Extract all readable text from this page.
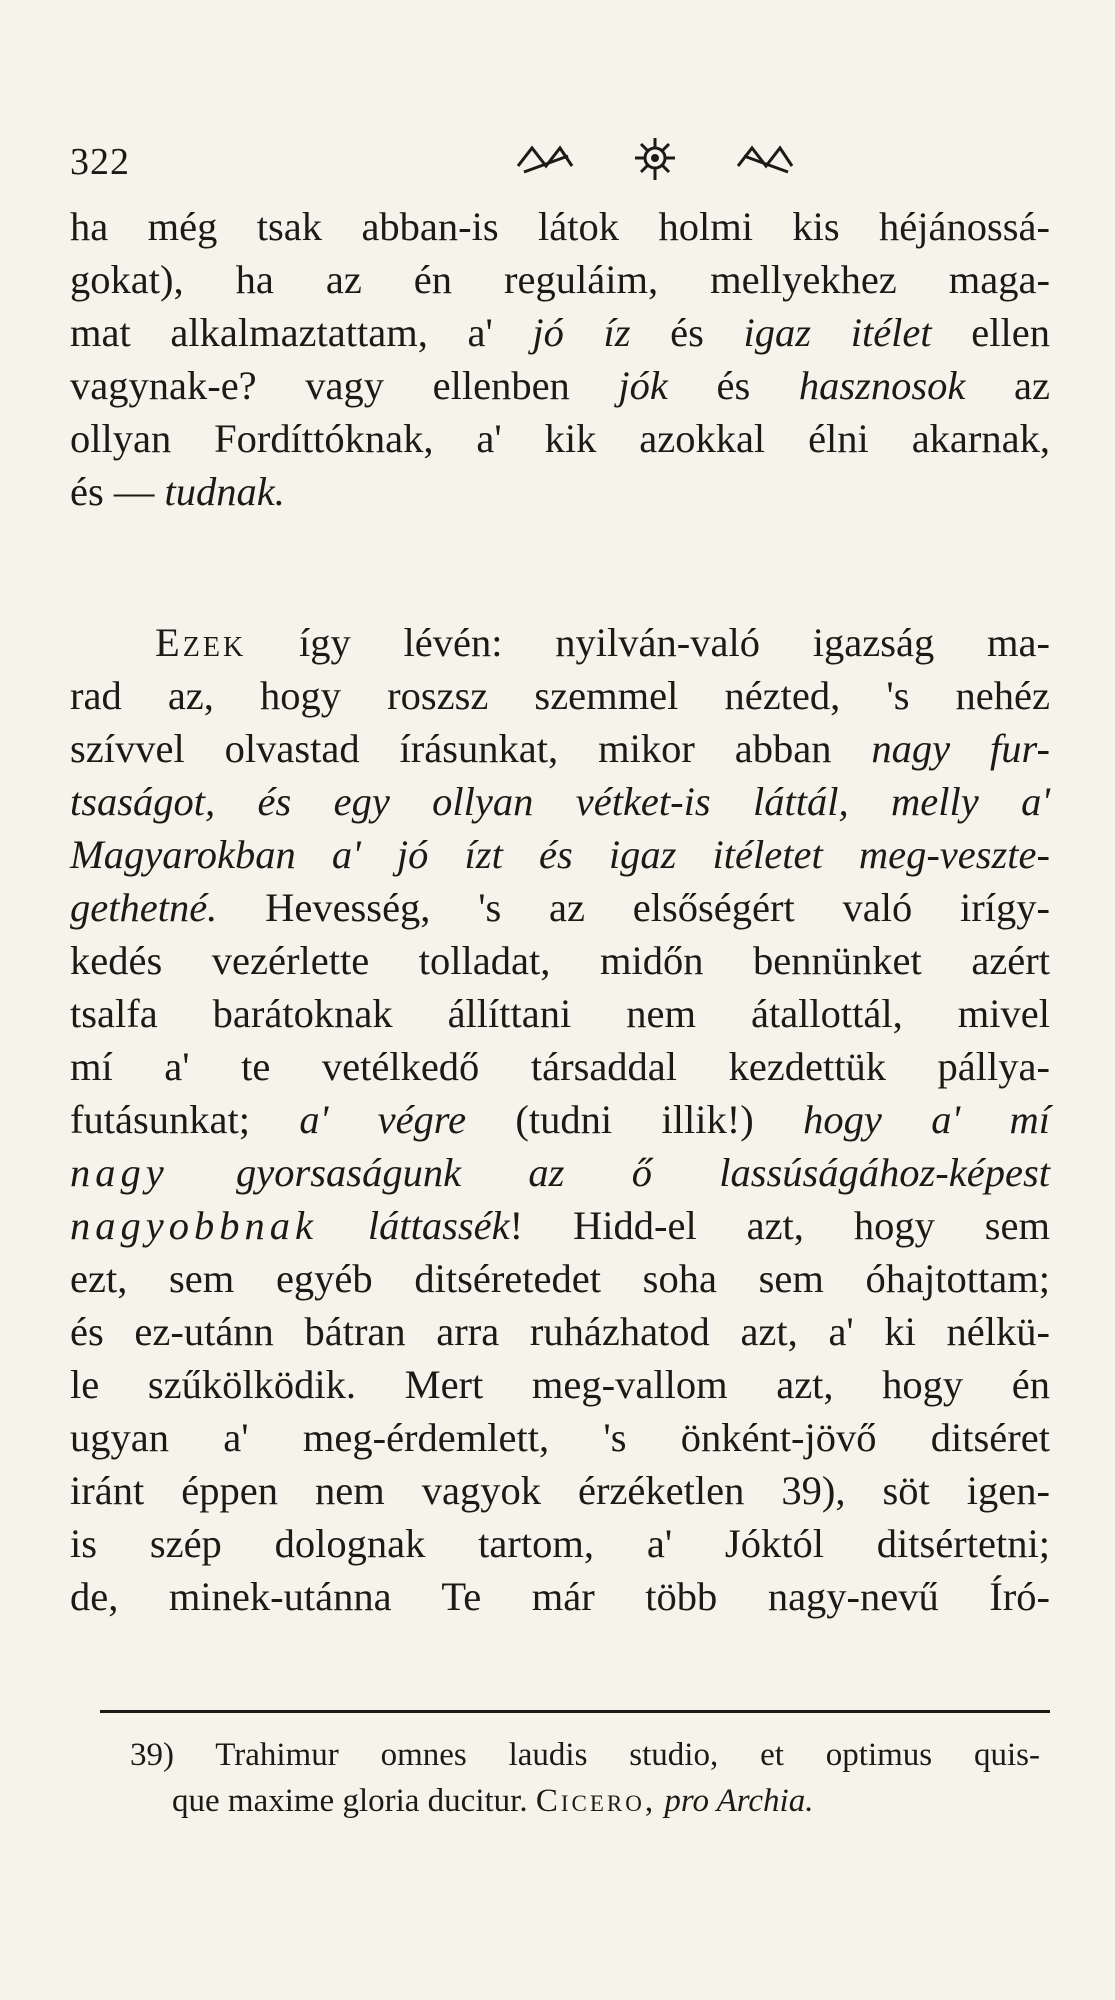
322
ha még tsak abban-is látok holmi kis héjánossá-
gokat), ha az én reguláim, mellyekhez maga-
mat alkalmaztattam, a' jó íz és igaz itélet ellen
vagynak-e? vagy ellenben jók és hasznosok az
ollyan Fordíttóknak, a' kik azokkal élni akarnak,
és — tudnak.
Ezek így lévén: nyilván-való igazság ma-
rad az, hogy roszsz szemmel nézted, 's nehéz
szívvel olvastad írásunkat, mikor abban nagy fur-
tsaságot, és egy ollyan vétket-is láttál, melly a'
Magyarokban a' jó ízt és igaz itéletet meg-veszte-
gethetné. Hevesség, 's az elsőségért való irígy-
kedés vezérlette tolladat, midőn bennünket azért
tsalfa barátoknak állíttani nem átallottál, mivel
mí a' te vetélkedő társaddal kezdettük pállya-
futásunkat; a' végre (tudni illik!) hogy a' mí
nagy gyorsaságunk az ő lassúságához-képest
nagyobbnak láttassék! Hidd-el azt, hogy sem
ezt, sem egyéb ditséretedet soha sem óhajtottam;
és ez-utánn bátran arra ruházhatod azt, a' ki nélkü-
le szűkölködik. Mert meg-vallom azt, hogy én
ugyan a' meg-érdemlett, 's önként-jövő ditséret
iránt éppen nem vagyok érzéketlen 39), söt igen-
is szép dolognak tartom, a' Jóktól ditsértetni;
de, minek-utánna Te már több nagy-nevű Író-
39) Trahimur omnes laudis studio, et optimus quis-
que maxime gloria ducitur. Cicero, pro Archia.
